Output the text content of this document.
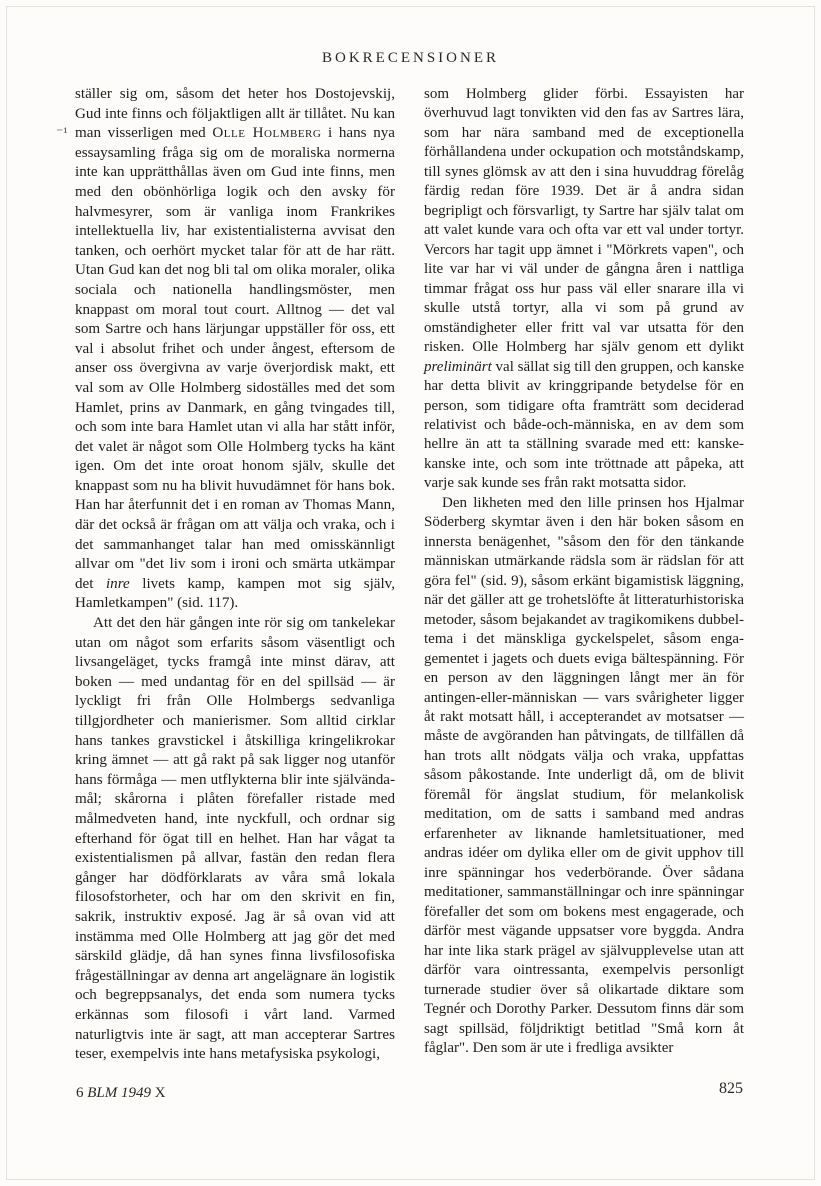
BOKRECENSIONER
⁻¹

ställer sig om, såsom det heter hos Dostojevskij, Gud inte finns och följaktligen allt är tillåtet. Nu kan man visserligen med Olle Holmberg i hans nya essaysamling fråga sig om de moraliska normerna inte kan upprätthållas även om Gud inte finns, men med den obönhörliga logik och den avsky för halvmesyrer, som är vanliga inom Frankrikes intellektuella liv, har existentialisterna avvisat den tanken, och oerhört mycket talar för att de har rätt. Utan Gud kan det nog bli tal om olika moraler, olika sociala och nationella handlingsmöster, men knappast om moral tout court. Alltnog — det val som Sartre och hans lärjungar uppställer för oss, ett val i absolut frihet och under ångest, eftersom de anser oss övergivna av varje överjordisk makt, ett val som av Olle Holmberg sidoställes med det som Hamlet, prins av Danmark, en gång tvingades till, och som inte bara Hamlet utan vi alla har stått inför, det valet är något som Olle Holmberg tycks ha känt igen. Om det inte oroat honom själv, skulle det knappast som nu ha blivit huvudämnet för hans bok. Han har återfunnit det i en roman av Thomas Mann, där det också är frågan om att välja och vraka, och i det sammanhanget talar han med omisskännligt allvar om "det liv som i ironi och smärta utkämpar det inre livets kamp, kampen mot sig själv, Hamletkampen" (sid. 117).

Att det den här gången inte rör sig om tankelekar utan om något som erfarits såsom väsentligt och livsangeläget, tycks framgå inte minst därav, att boken — med undantag för en del spillsäd — är lyckligt fri från Olle Holmbergs sedvanliga tillgjordheter och manierismer. Som alltid cirklar hans tankes gravstickel i åtskilliga kringelikrokar kring ämnet — att gå rakt på sak ligger nog utanför hans förmåga — men utflykterna blir inte självändamål; skårorna i plåten förefaller ristade med målmedveten hand, inte nyckfull, och ordnar sig efterhand för ögat till en helhet. Han har vågat ta existentialismen på allvar, fastän den redan flera gånger har dödförklarats av våra små lokala filosofstorheter, och har om den skrivit en fin, sakrik, instruktiv exposé. Jag är så ovan vid att instämma med Olle Holmberg att jag gör det med särskild glädje, då han synes finna livsfilosofiska frågeställningar av denna art angelägnare än logistik och begreppsanalys, det enda som numera tycks erkännas som filosofi i vårt land. Varmed naturligtvis inte är sagt, att man accepterar Sartres teser, exempelvis inte hans metafysiska psykologi,

som Holmberg glider förbi. Essayisten har överhuvud lagt tonvikten vid den fas av Sartres lära, som har nära samband med de exceptionella förhållandena under ockupation och motståndskamp, till synes glömsk av att den i sina huvuddrag förelåg färdig redan före 1939. Det är å andra sidan begripligt och försvarligt, ty Sartre har själv talat om att valet kunde vara och ofta var ett val under tortyr. Vercors har tagit upp ämnet i "Mörkrets vapen", och lite var har vi väl under de gångna åren i nattliga timmar frågat oss hur pass väl eller snarare illa vi skulle utstå tortyr, alla vi som på grund av omständigheter eller fritt val var utsatta för den risken. Olle Holmberg har själv genom ett dylikt preliminärt val sällat sig till den gruppen, och kanske har detta blivit av kringgripande betydelse för en person, som tidigare ofta framträtt som deciderad relativist och både-och-människa, en av dem som hellre än att ta ställning svarade med ett: kanske-kanske inte, och som inte tröttnade att påpeka, att varje sak kunde ses från rakt motsatta sidor.

Den likheten med den lille prinsen hos Hjalmar Söderberg skymtar även i den här boken såsom en innersta benägenhet, "såsom den för den tänkande människan utmärkande rädsla som är rädslan för att göra fel" (sid. 9), såsom erkänt bigamistisk läggning, när det gäller att ge trohetslöfte åt litteraturhistoriska metoder, såsom bejakandet av tragikomikens dubbeltema i det mänskliga gyckelspelet, såsom engagementet i jagets och duets eviga bältespänning. För en person av den läggningen långt mer än för antingen-eller-människan — vars svårigheter ligger åt rakt motsatt håll, i accepterandet av motsatser — måste de avgöranden han påtvingats, de tillfällen då han trots allt nödgats välja och vraka, uppfattas såsom påkostande. Inte underligt då, om de blivit föremål för ängslat studium, för melankolisk meditation, om de satts i samband med andras erfarenheter av liknande hamletsituationer, med andras idéer om dylika eller om de givit upphov till inre spänningar hos vederbörande. Över sådana meditationer, sammanställningar och inre spänningar förefaller det som om bokens mest engagerade, och därför mest vägande uppsatser vore byggda. Andra har inte lika stark prägel av självupplevelse utan att därför vara ointressanta, exempelvis personligt turnerade studier över så olikartade diktare som Tegnér och Dorothy Parker. Dessutom finns där som sagt spillsäd, följdriktigt betitlad "Små korn åt fåglar". Den som är ute i fredliga avsikter

6 BLM 1949 X	825
